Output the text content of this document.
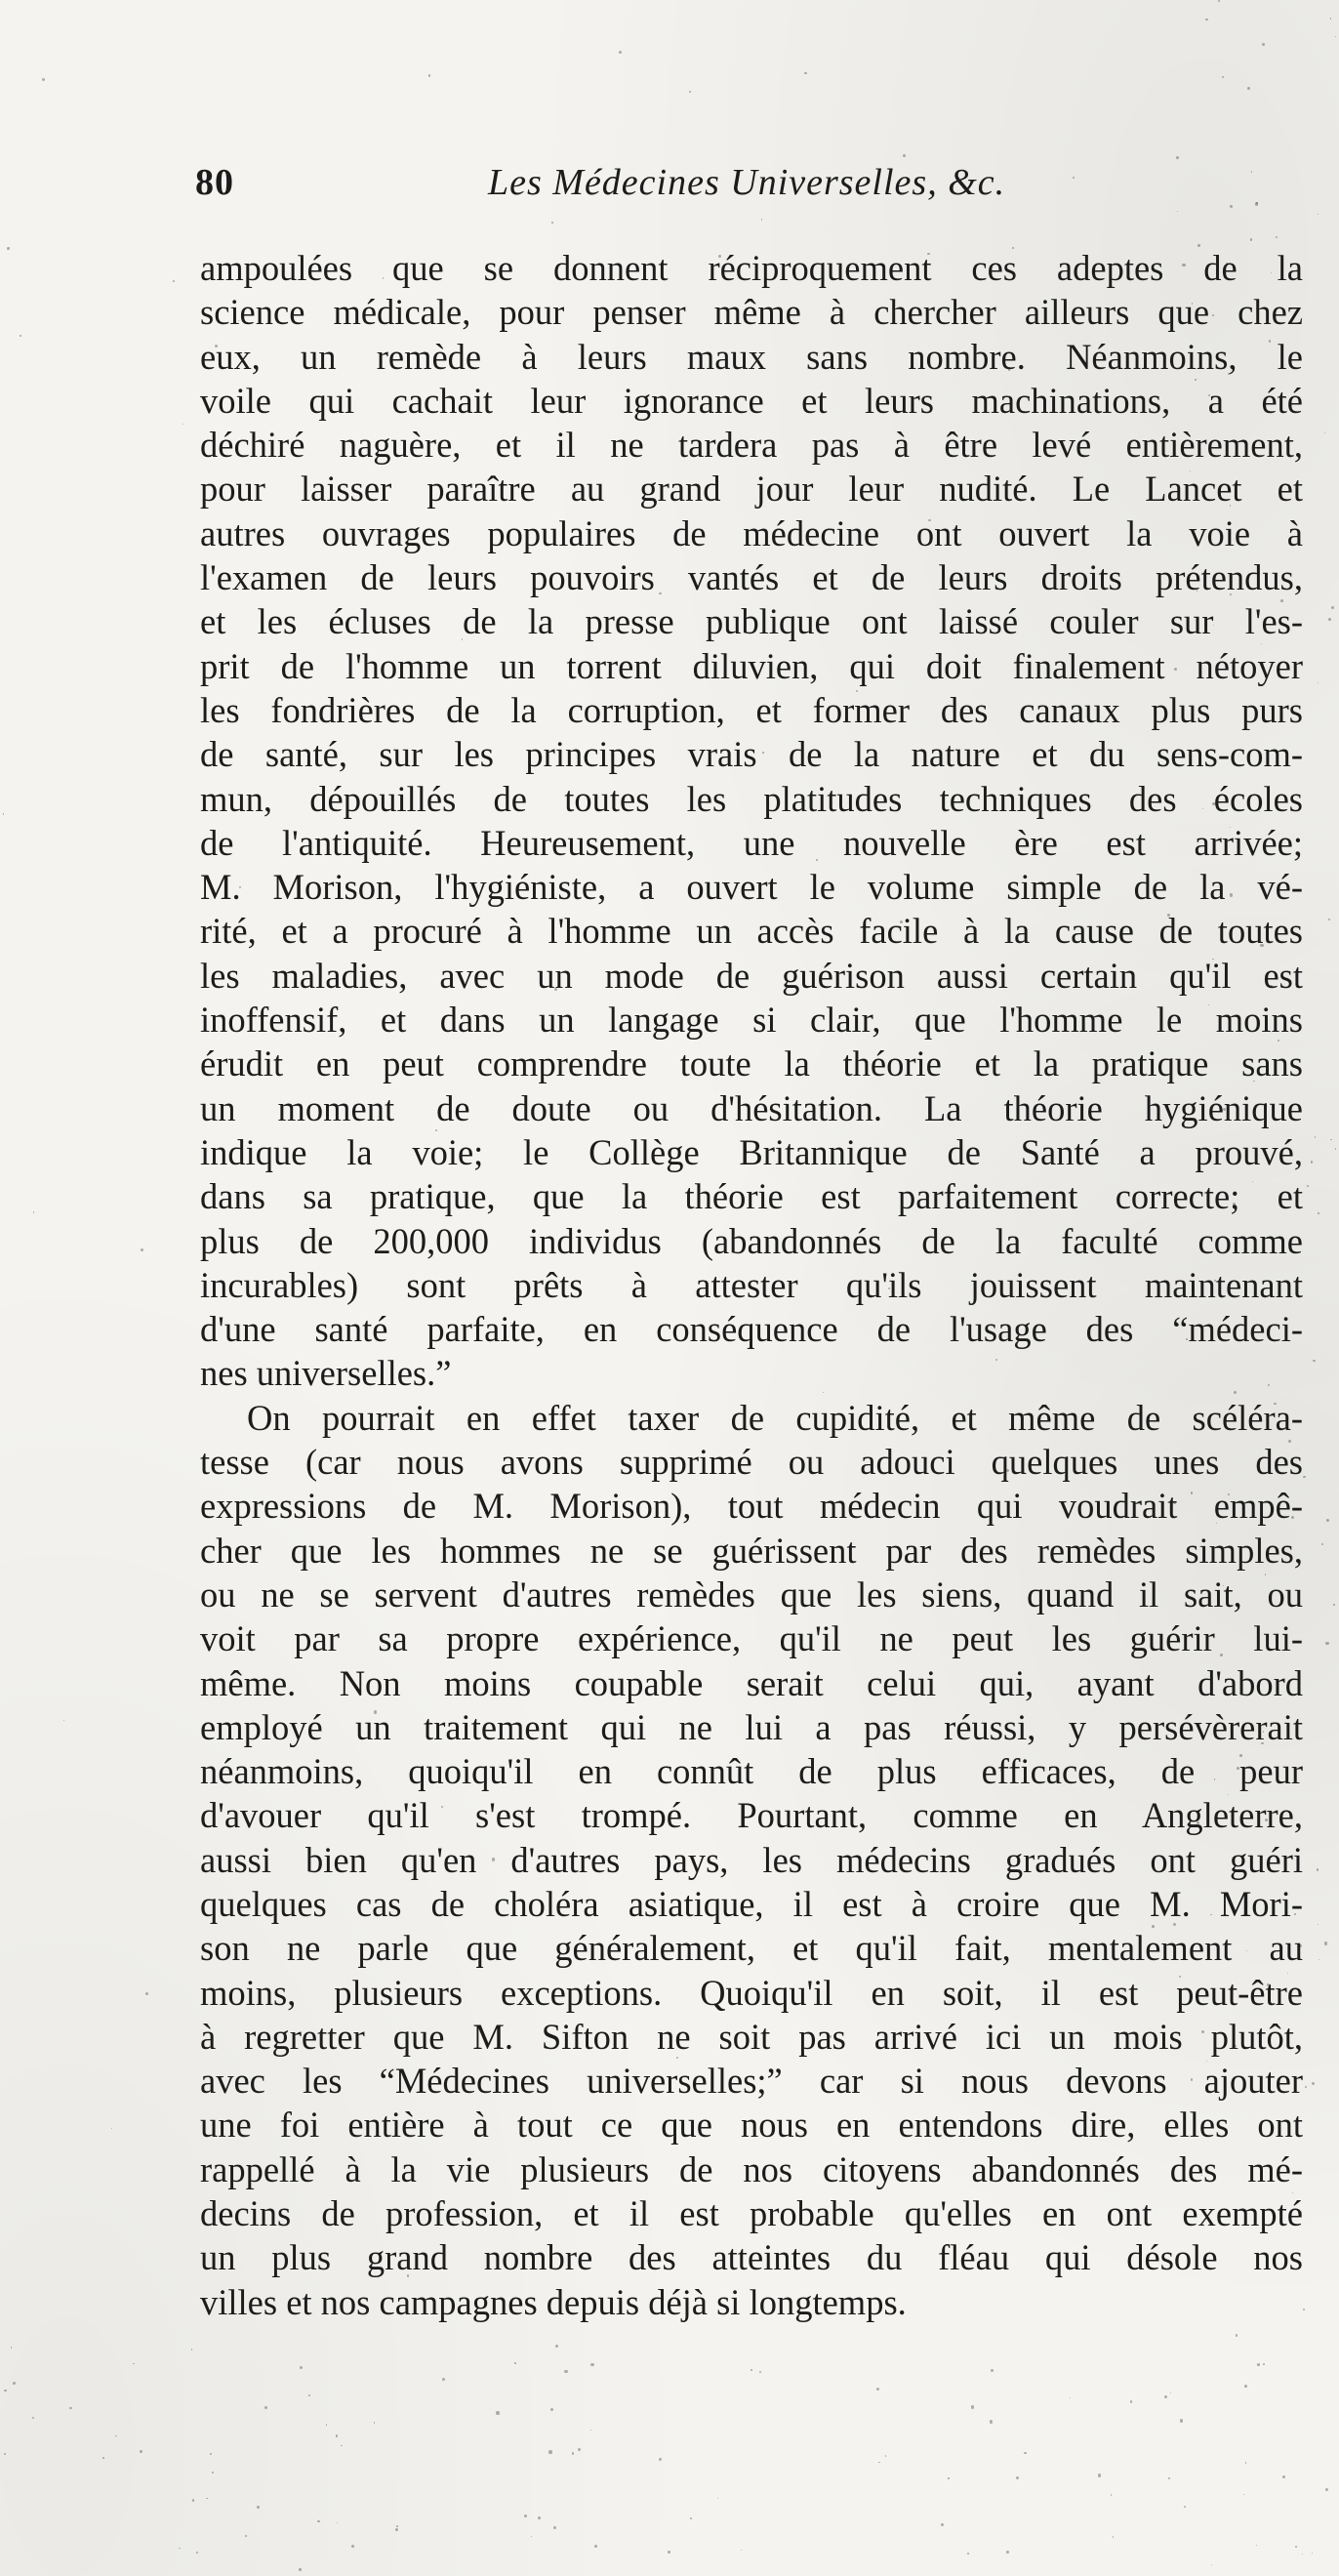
80	Les Médecines Universelles, &c.
ampoulées que se donnent réciproquement ces adeptes de la
science médicale, pour penser même à chercher ailleurs que chez
eux, un remède à leurs maux sans nombre. Néanmoins, le
voile qui cachait leur ignorance et leurs machinations, a été
déchiré naguère, et il ne tardera pas à être levé entièrement,
pour laisser paraître au grand jour leur nudité. Le Lancet et
autres ouvrages populaires de médecine ont ouvert la voie à
l'examen de leurs pouvoirs vantés et de leurs droits prétendus,
et les écluses de la presse publique ont laissé couler sur l'es-
prit de l'homme un torrent diluvien, qui doit finalement nétoyer
les fondrières de la corruption, et former des canaux plus purs
de santé, sur les principes vrais de la nature et du sens-com-
mun, dépouillés de toutes les platitudes techniques des écoles
de l'antiquité. Heureusement, une nouvelle ère est arrivée;
M. Morison, l'hygiéniste, a ouvert le volume simple de la vé-
rité, et a procuré à l'homme un accès facile à la cause de toutes
les maladies, avec un mode de guérison aussi certain qu'il est
inoffensif, et dans un langage si clair, que l'homme le moins
érudit en peut comprendre toute la théorie et la pratique sans
un moment de doute ou d'hésitation. La théorie hygiénique
indique la voie; le Collège Britannique de Santé a prouvé,
dans sa pratique, que la théorie est parfaitement correcte; et
plus de 200,000 individus (abandonnés de la faculté comme
incurables) sont prêts à attester qu'ils jouissent maintenant
d'une santé parfaite, en conséquence de l'usage des “médeci-
nes universelles.”
On pourrait en effet taxer de cupidité, et même de scéléra-
tesse (car nous avons supprimé ou adouci quelques unes des
expressions de M. Morison), tout médecin qui voudrait empê-
cher que les hommes ne se guérissent par des remèdes simples,
ou ne se servent d'autres remèdes que les siens, quand il sait, ou
voit par sa propre expérience, qu'il ne peut les guérir lui-
même. Non moins coupable serait celui qui, ayant d'abord
employé un traitement qui ne lui a pas réussi, y persévèrerait
néanmoins, quoiqu'il en connût de plus efficaces, de peur
d'avouer qu'il s'est trompé. Pourtant, comme en Angleterre,
aussi bien qu'en d'autres pays, les médecins gradués ont guéri
quelques cas de choléra asiatique, il est à croire que M. Mori-
son ne parle que généralement, et qu'il fait, mentalement au
moins, plusieurs exceptions. Quoiqu'il en soit, il est peut-être
à regretter que M. Sifton ne soit pas arrivé ici un mois plutôt,
avec les “Médecines universelles;” car si nous devons ajouter
une foi entière à tout ce que nous en entendons dire, elles ont
rappellé à la vie plusieurs de nos citoyens abandonnés des mé-
decins de profession, et il est probable qu'elles en ont exempté
un plus grand nombre des atteintes du fléau qui désole nos
villes et nos campagnes depuis déjà si longtemps.
